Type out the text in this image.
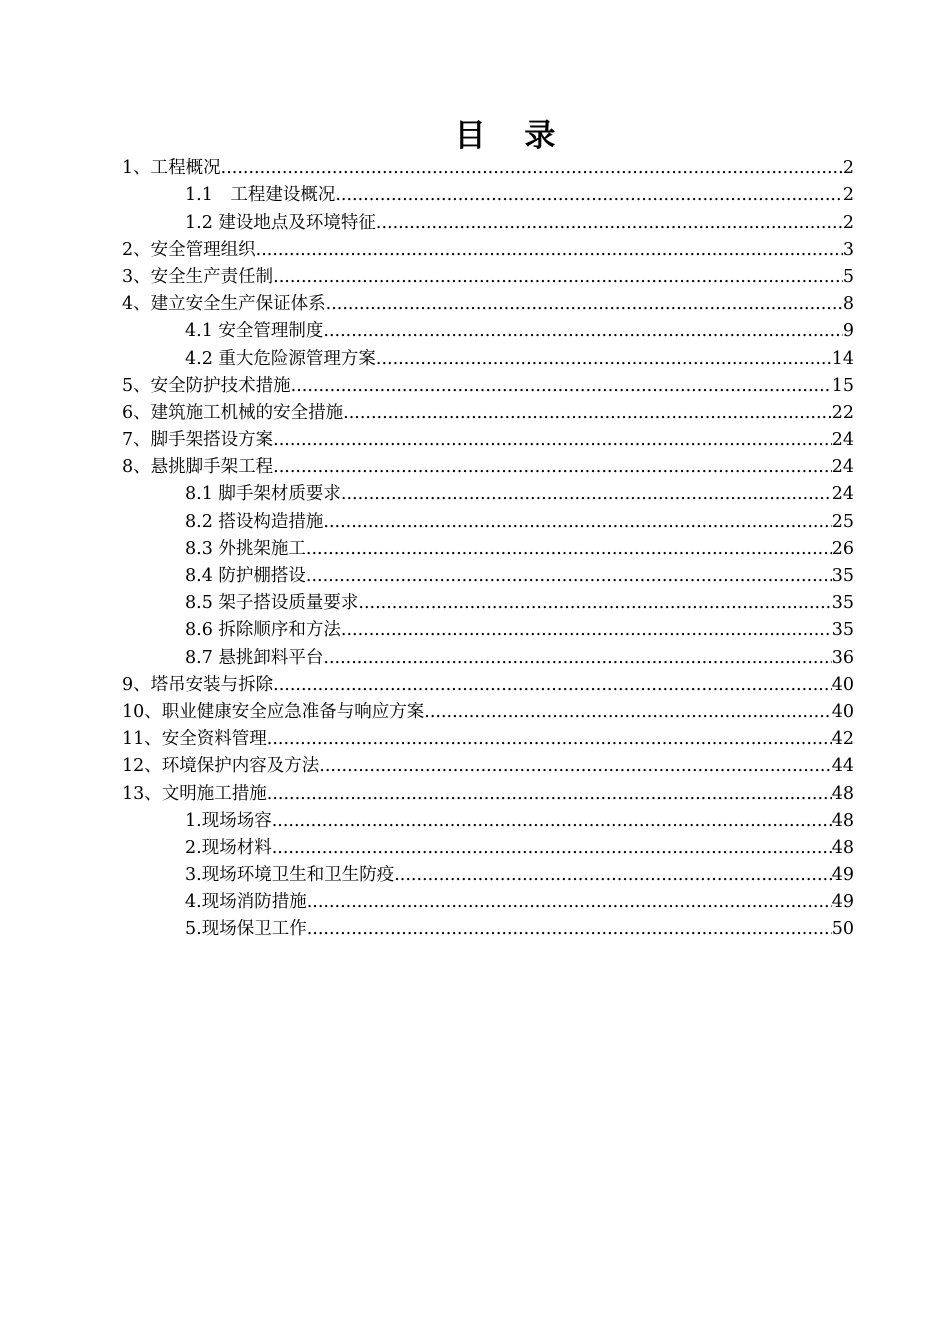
目 录
1、工程概况 .....	2
1.1　工程建设概况 .....	2
1.2 建设地点及环境特征 .....	2
2、安全管理组织 .....	3
3、安全生产责任制 .....	5
4、建立安全生产保证体系 .....	8
4.1 安全管理制度 .....	9
4.2 重大危险源管理方案 .....	14
5、安全防护技术措施 .....	15
6、建筑施工机械的安全措施 .....	22
7、脚手架搭设方案 .....	24
8、悬挑脚手架工程 .....	24
8.1 脚手架材质要求 .....	24
8.2 搭设构造措施 .....	25
8.3 外挑架施工 .....	26
8.4 防护棚搭设 .....	35
8.5 架子搭设质量要求 .....	35
8.6 拆除顺序和方法 .....	35
8.7 悬挑卸料平台 .....	36
9、塔吊安装与拆除 .....	40
10、职业健康安全应急准备与响应方案 .....	40
11、安全资料管理 .....	42
12、环境保护内容及方法 .....	44
13、文明施工措施 .....	48
1.现场场容 .....	48
2.现场材料 .....	48
3.现场环境卫生和卫生防疫 .....	49
4.现场消防措施 .....	49
5.现场保卫工作 .....	50
